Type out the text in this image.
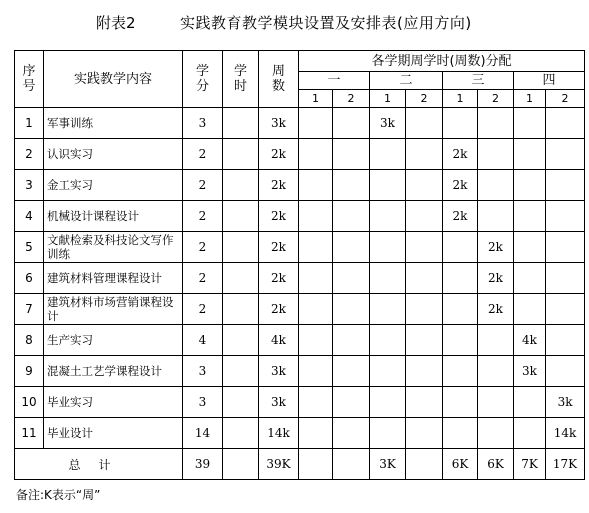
附表2	实践教育教学模块设置及安排表(应用方向)
序号	实践教学内容	学分	学时	周数	各学期周学时(周数)分配							
					一		二		三		四	
					1	2	1	2	1	2	1	2
1	军事训练	3		3k			3k					
2	认识实习	2		2k					2k			
3	金工实习	2		2k					2k			
4	机械设计课程设计	2		2k					2k			
5	文献检索及科技论文写作训练	2		2k						2k		
6	建筑材料管理课程设计	2		2k						2k		
7	建筑材料市场营销课程设计	2		2k						2k		
8	生产实习	4		4k							4k	
9	混凝土工艺学课程设计	3		3k							3k	
10	毕业实习	3		3k								3k
11	毕业设计	14		14k								14k
总计		39		39K			3K		6K	6K	7K	17K
备注:K表示“周”
